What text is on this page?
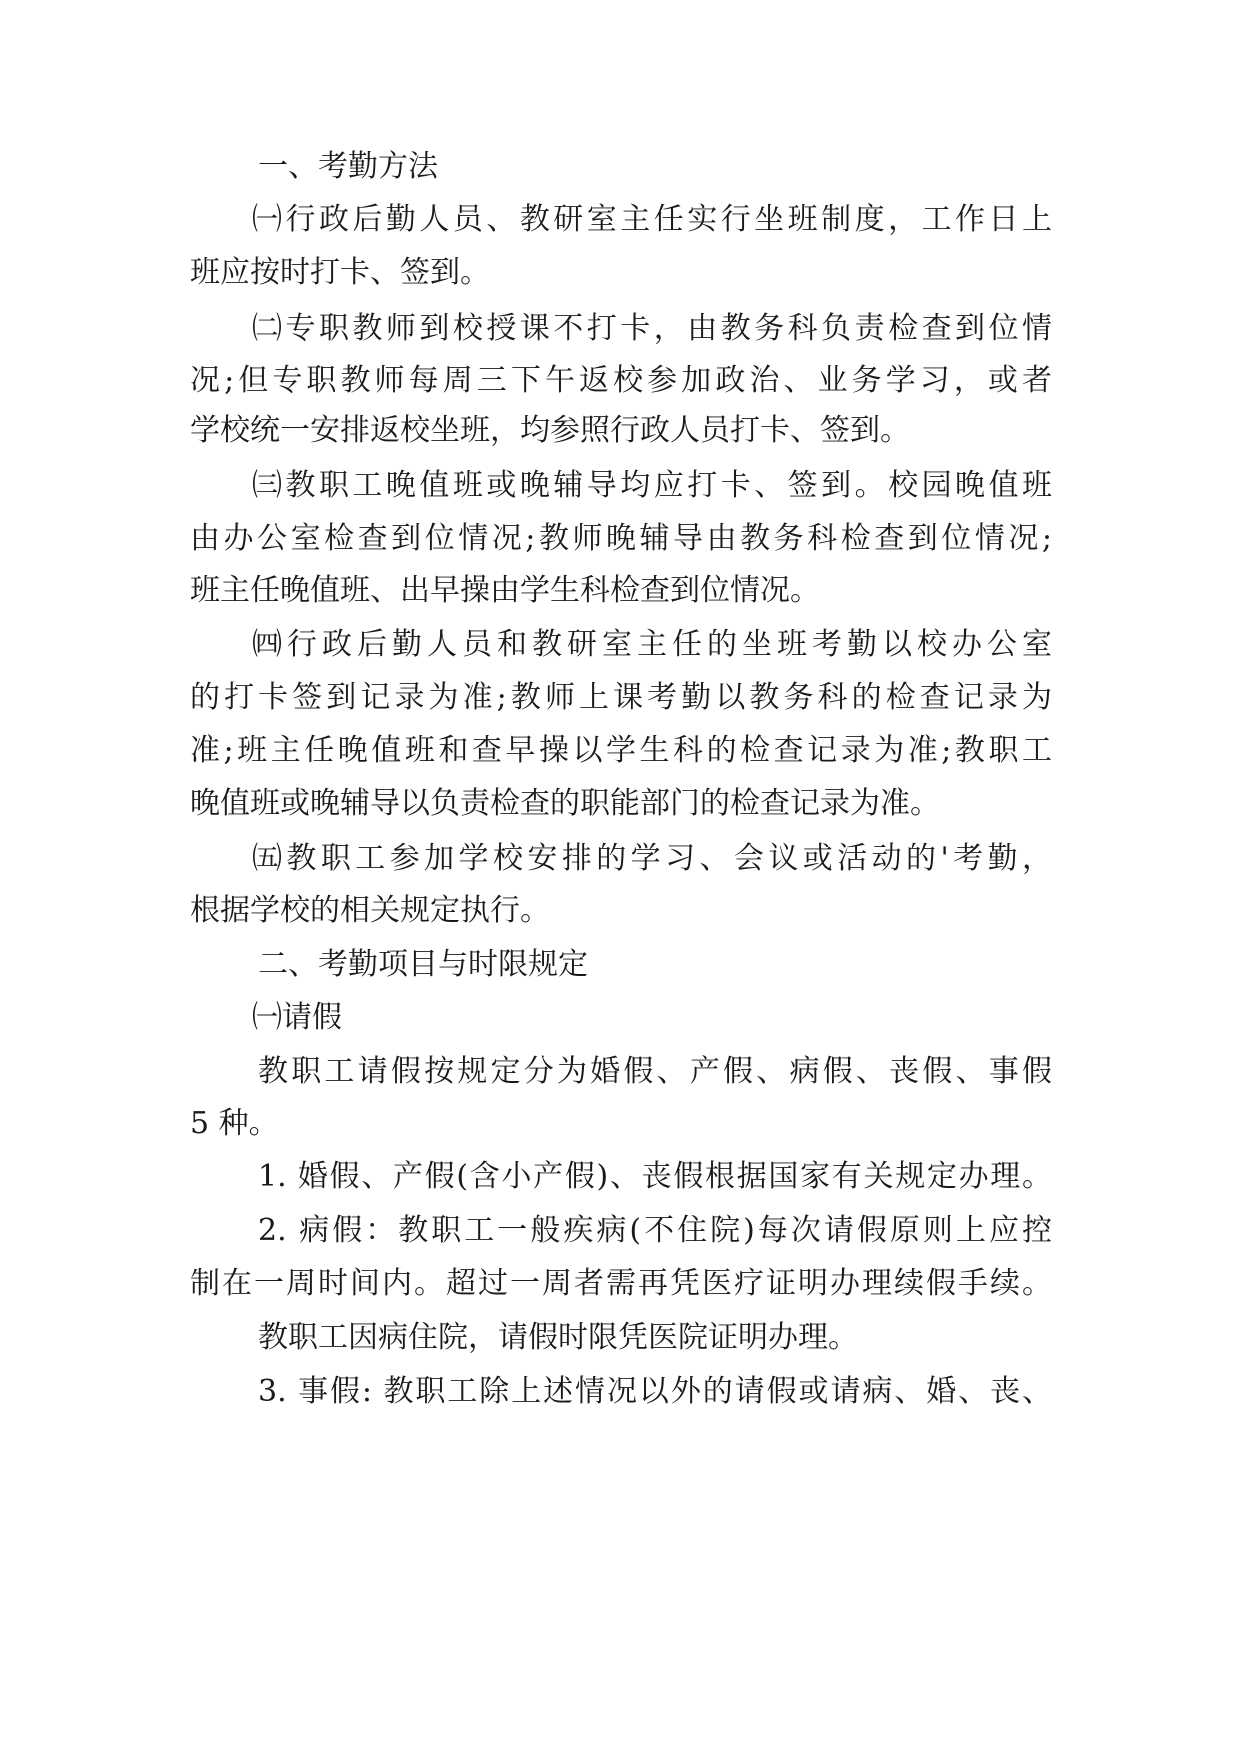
一、考勤方法
㈠行政后勤人员、教研室主任实行坐班制度，工作日上
班应按时打卡、签到。
㈡专职教师到校授课不打卡，由教务科负责检查到位情
况;但专职教师每周三下午返校参加政治、业务学习，或者
学校统一安排返校坐班，均参照行政人员打卡、签到。
㈢教职工晚值班或晚辅导均应打卡、签到。校园晚值班
由办公室检查到位情况;教师晚辅导由教务科检查到位情况;
班主任晚值班、出早操由学生科检查到位情况。
㈣行政后勤人员和教研室主任的坐班考勤以校办公室
的打卡签到记录为准;教师上课考勤以教务科的检查记录为
准;班主任晚值班和查早操以学生科的检查记录为准;教职工
晚值班或晚辅导以负责检查的职能部门的检查记录为准。
㈤教职工参加学校安排的学习、会议或活动的'考勤，
根据学校的相关规定执行。
二、考勤项目与时限规定
㈠请假
教职工请假按规定分为婚假、产假、病假、丧假、事假
5 种。
1. 婚假、产假(含小产假)、丧假根据国家有关规定办理。
2. 病假：教职工一般疾病(不住院)每次请假原则上应控
制在一周时间内。超过一周者需再凭医疗证明办理续假手续。
教职工因病住院，请假时限凭医院证明办理。
3. 事假: 教职工除上述情况以外的请假或请病、婚、丧、
